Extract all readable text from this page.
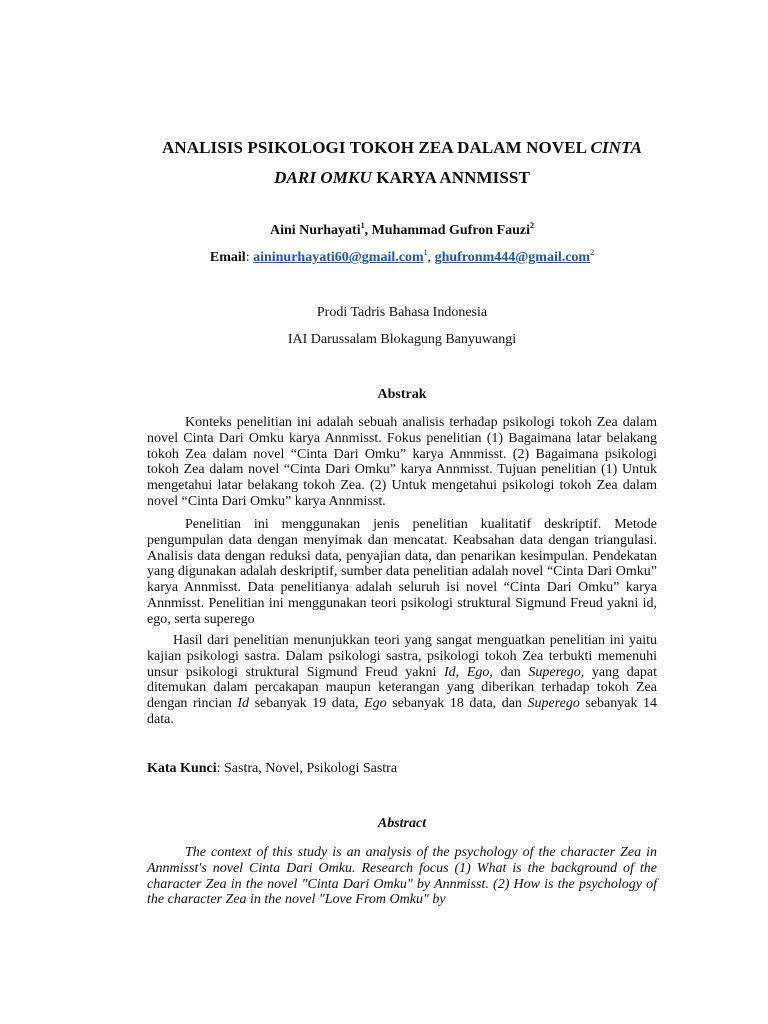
ANALISIS PSIKOLOGI TOKOH ZEA DALAM NOVEL CINTA
DARI OMKU KARYA ANNMISST
Aini Nurhayati$^1$, Muhammad Gufron Fauzi$^2$
Email: aininurhayati60@gmail.com$^1$, ghufronm444@gmail.com$^2$
Prodi Tadris Bahasa Indonesia
IAI Darussalam Blokagung Banyuwangi
Abstrak
Konteks penelitian ini adalah sebuah analisis terhadap psikologi tokoh Zea dalam novel Cinta Dari Omku karya Annmisst. Fokus penelitian (1) Bagaimana latar belakang tokoh Zea dalam novel “Cinta Dari Omku” karya Annmisst. (2) Bagaimana psikologi tokoh Zea dalam novel “Cinta Dari Omku” karya Annmisst. Tujuan penelitian (1) Untuk mengetahui latar belakang tokoh Zea. (2) Untuk mengetahui psikologi tokoh Zea dalam novel “Cinta Dari Omku” karya Annmisst.
Penelitian ini menggunakan jenis penelitian kualitatif deskriptif. Metode pengumpulan data dengan menyimak dan mencatat. Keabsahan data dengan triangulasi. Analisis data dengan reduksi data, penyajian data, dan penarikan kesimpulan. Pendekatan yang digunakan adalah deskriptif, sumber data penelitian adalah novel “Cinta Dari Omku” karya Annmisst. Data penelitianya adalah seluruh isi novel “Cinta Dari Omku” karya Annmisst. Penelitian ini menggunakan teori psikologi struktural Sigmund Freud yakni id, ego, serta superego
Hasil dari penelitian menunjukkan teori yang sangat menguatkan penelitian ini yaitu kajian psikologi sastra. Dalam psikologi sastra, psikologi tokoh Zea terbukti memenuhi unsur psikologi struktural Sigmund Freud yakni Id, Ego, dan Superego, yang dapat ditemukan dalam percakapan maupun keterangan yang diberikan terhadap tokoh Zea dengan rincian Id sebanyak 19 data, Ego sebanyak 18 data, dan Superego sebanyak 14 data.
Kata Kunci: Sastra, Novel, Psikologi Sastra
Abstract
The context of this study is an analysis of the psychology of the character Zea in Annmisst's novel Cinta Dari Omku. Research focus (1) What is the background of the character Zea in the novel "Cinta Dari Omku" by Annmisst. (2) How is the psychology of the character Zea in the novel "Love From Omku" by
